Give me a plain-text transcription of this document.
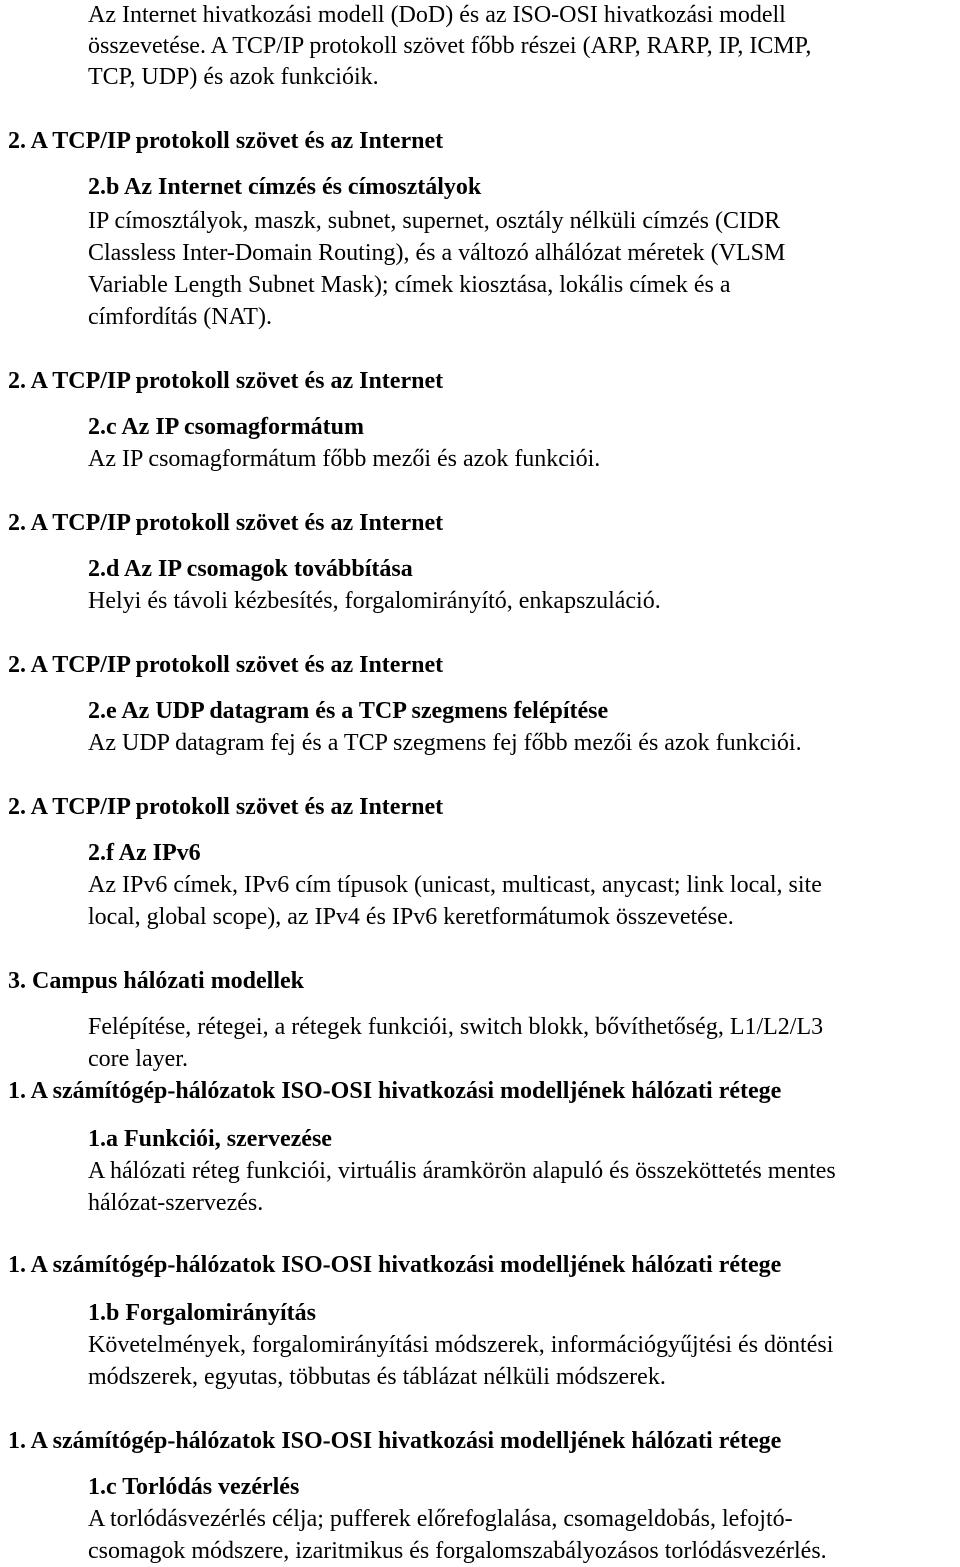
Az Internet hivatkozási modell (DoD) és az ISO-OSI hivatkozási modell
összevetése. A TCP/IP protokoll szövet főbb részei (ARP, RARP, IP, ICMP,
TCP, UDP) és azok funkcióik.
2. A TCP/IP protokoll szövet és az Internet
2.b Az Internet címzés és címosztályok
IP címosztályok, maszk, subnet, supernet, osztály nélküli címzés (CIDR
Classless Inter-Domain Routing), és a változó alhálózat méretek (VLSM
Variable Length Subnet Mask); címek kiosztása, lokális címek és a
címfordítás (NAT).
2. A TCP/IP protokoll szövet és az Internet
2.c Az IP csomagformátum
Az IP csomagformátum főbb mezői és azok funkciói.
2. A TCP/IP protokoll szövet és az Internet
2.d Az IP csomagok továbbítása
Helyi és távoli kézbesítés, forgalomirányító, enkapszuláció.
2. A TCP/IP protokoll szövet és az Internet
2.e Az UDP datagram és a TCP szegmens felépítése
Az UDP datagram fej és a TCP szegmens fej főbb mezői és azok funkciói.
2. A TCP/IP protokoll szövet és az Internet
2.f Az IPv6
Az IPv6 címek, IPv6 cím típusok (unicast, multicast, anycast; link local, site
local, global scope), az IPv4 és IPv6 keretformátumok összevetése.
3. Campus hálózati modellek
Felépítése, rétegei, a rétegek funkciói, switch blokk, bővíthetőség, L1/L2/L3
core layer.
1. A számítógép-hálózatok ISO-OSI hivatkozási modelljének hálózati rétege
1.a Funkciói, szervezése
A hálózati réteg funkciói, virtuális áramkörön alapuló és összeköttetés mentes
hálózat-szervezés.
1. A számítógép-hálózatok ISO-OSI hivatkozási modelljének hálózati rétege
1.b Forgalomirányítás
Követelmények, forgalomirányítási módszerek, információgyűjtési és döntési
módszerek, egyutas, többutas és táblázat nélküli módszerek.
1. A számítógép-hálózatok ISO-OSI hivatkozási modelljének hálózati rétege
1.c Torlódás vezérlés
A torlódásvezérlés célja; pufferek előrefoglalása, csomageldobás, lefojtó-
csomagok módszere, izaritmikus és forgalomszabályozásos torlódásvezérlés.
